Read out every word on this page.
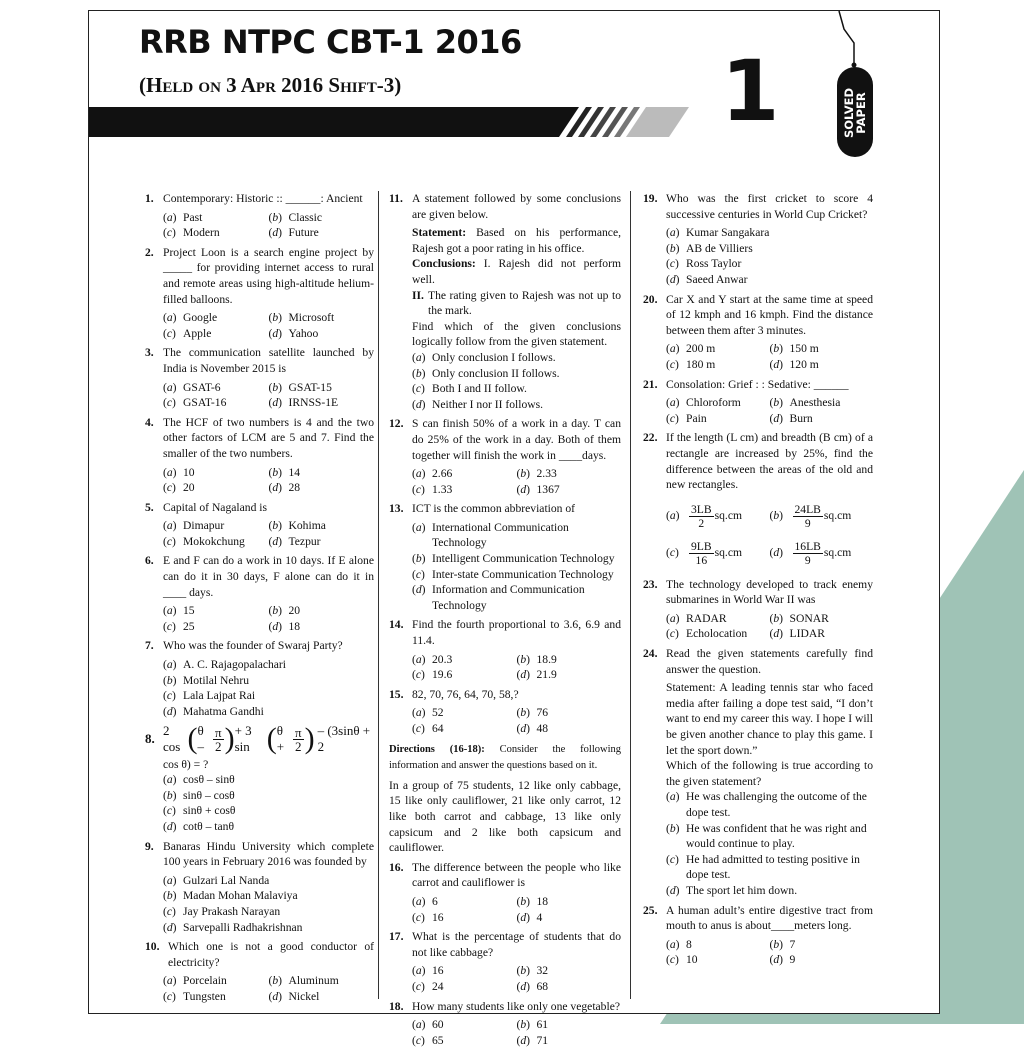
RRB NTPC CBT-1 2016
(Held on 3 Apr 2016 Shift-3)	1	SOLVED
PAPER
1. Contemporary: Historic :: ______: Ancient
( a ) Past	( b ) Classic
( c ) Modern	( d ) Future
2. Project Loon is a search engine project by _____ for providing internet access to rural and remote areas using high-altitude helium-filled balloons.
( a ) Google	( b ) Microsoft
( c ) Apple	( d ) Yahoo
3. The communication satellite launched by India is November 2015 is
( a ) GSAT-6	( b ) GSAT-15
( c ) GSAT-16	( d ) IRNSS-1E
4. The HCF of two numbers is 4 and the two other factors of LCM are 5 and 7. Find the smaller of the two numbers.
( a ) 10	( b ) 14
( c ) 20	( d ) 28
5. Capital of Nagaland is
( a ) Dimapur	( b ) Kohima
( c ) Mokokchung	( d ) Tezpur
6. E and F can do a work in 10 days. If E alone can do it in 30 days, F alone can do it in ____ days.
( a ) 15	( b ) 20
( c ) 25	( d ) 18
7. Who was the founder of Swaraj Party?
( a ) A. C. Rajagopalachari
( b ) Motilal Nehru
( c ) Lala Lajpat Rai
( d ) Mahatma Gandhi
8.
2 cos ( θ – $\frac{\pi}{2}$ ) + 3 sin ( $\theta + \frac{\pi}{2}$ ) – (3sinθ + 2
cos θ) = ?
( a ) cosθ – sinθ
( b ) sinθ – cosθ
( c ) sinθ + cosθ
( d ) cotθ – tanθ
9. Banaras Hindu University which complete 100 years in February 2016 was founded by
( a ) Gulzari Lal Nanda
( b ) Madan Mohan Malaviya
( c ) Jay Prakash Narayan
( d ) Sarvepalli Radhakrishnan
10. Which one is not a good conductor of electricity?
( a ) Porcelain	( b ) Aluminum
( c ) Tungsten	( d ) Nickel
11. A statement followed by some conclusions are given below.
Statement: Based on his performance, Rajesh got a poor rating in his office.
Conclusions: I. Rajesh did not perform well.
II. The rating given to Rajesh was not up to the mark.
Find which of the given conclusions logically follow from the given statement.
( a ) Only conclusion I follows.
( b ) Only conclusion II follows.
( c ) Both I and II follow.
( d ) Neither I nor II follows.
12. S can finish 50% of a work in a day. T can do 25% of the work in a day. Both of them together will finish the work in ____days.
( a ) 2.66	( b ) 2.33
( c ) 1.33	( d ) 1367
13. ICT is the common abbreviation of
( a ) International Communication Technology
( b ) Intelligent Communication Technology
( c ) Inter-state Communication Technology
( d ) Information and Communication Technology
14. Find the fourth proportional to 3.6, 6.9 and 11.4.
( a ) 20.3	( b ) 18.9
( c ) 19.6	( d ) 21.9
15. 82, 70, 76, 64, 70, 58,?
( a ) 52	( b ) 76
( c ) 64	( d ) 48
Directions (16-18): Consider the following information and answer the questions based on it.
In a group of 75 students, 12 like only cabbage, 15 like only cauliflower, 21 like only carrot, 12 like both carrot and cabbage, 13 like only capsicum and 2 like both capsicum and cauliflower.
16. The difference between the people who like carrot and cauliflower is
( a ) 6	( b ) 18
( c ) 16	( d ) 4
17. What is the percentage of students that do not like cabbage?
( a ) 16	( b ) 32
( c ) 24	( d ) 68
18. How many students like only one vegetable?
( a ) 60	( b ) 61
( c ) 65	( d ) 71
19. Who was the first cricket to score 4 successive centuries in World Cup Cricket?
( a ) Kumar Sangakara
( b ) AB de Villiers
( c ) Ross Taylor
( d ) Saeed Anwar
20. Car X and Y start at the same time at speed of 12 kmph and 16 kmph. Find the distance between them after 3 minutes.
( a ) 200 m	( b ) 150 m
( c ) 180 m	( d ) 120 m
21. Consolation: Grief : : Sedative: ______
( a ) Chloroform	( b ) Anesthesia
( c ) Pain	( d ) Burn
22. If the length (L cm) and breadth (B cm) of a rectangle are increased by 25%, find the difference between the areas of the old and new rectangles.
( a )	$\frac{3LB}{2} sq.cm$	( b )	$\frac{24LB}{9} sq.cm$
( c )	$\frac{9LB}{16} sq.cm$	( d )	$\frac{16LB}{9} sq.cm$
23. The technology developed to track enemy submarines in World War II was
( a ) RADAR	( b ) SONAR
( c ) Echolocation	( d ) LIDAR
24. Read the given statements carefully find answer the question.
Statement: A leading tennis star who faced media after failing a dope test said, “I don’t want to end my career this way. I hope I will be given another chance to play this game. I let the sport down.”
Which of the following is true according to the given statement?
( a ) He was challenging the outcome of the dope test.
( b ) He was confident that he was right and would continue to play.
( c ) He had admitted to testing positive in dope test.
( d ) The sport let him down.
25. A human adult’s entire digestive tract from mouth to anus is about____meters long.
( a ) 8	( b ) 7
( c ) 10	( d ) 9
